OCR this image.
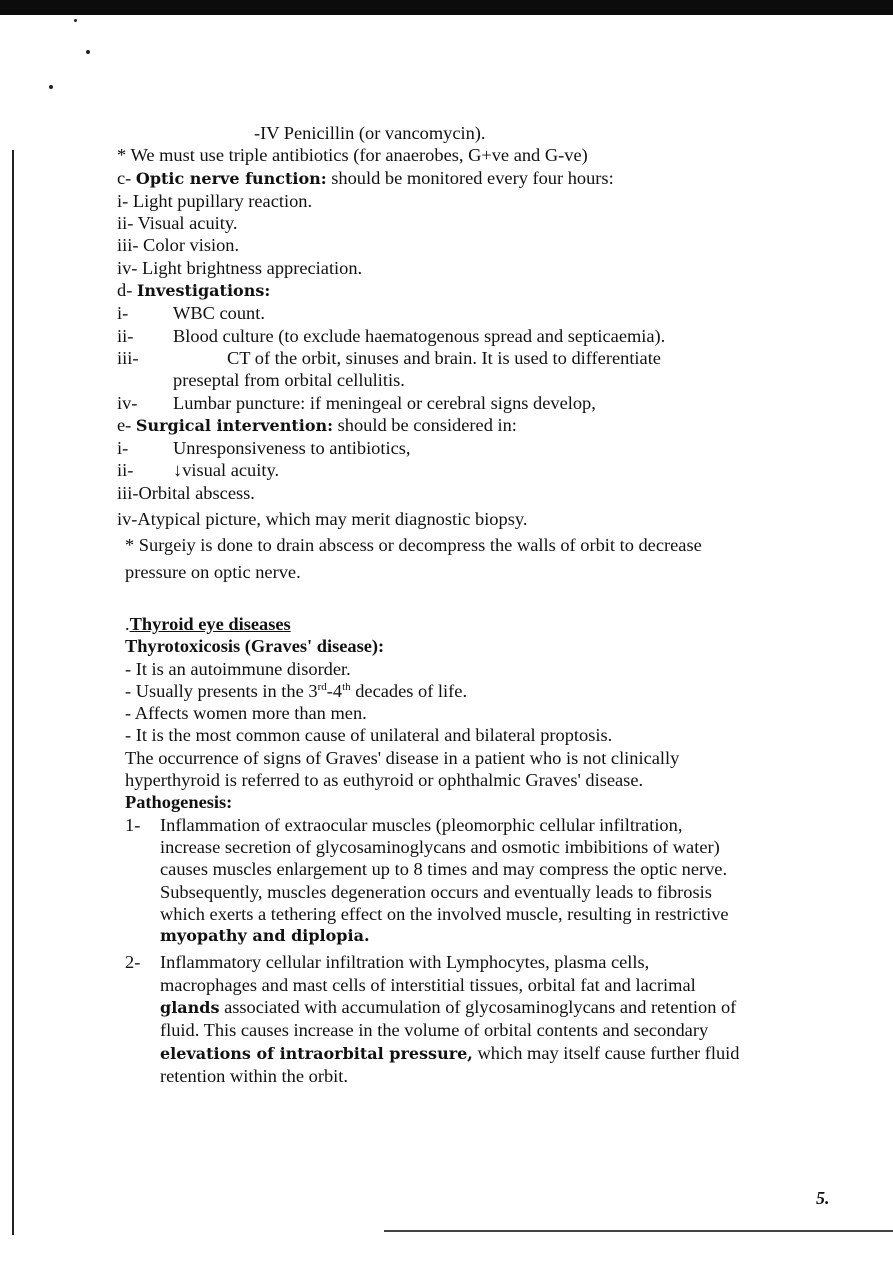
-IV Penicillin (or vancomycin).
* We must use triple antibiotics (for anaerobes, G+ve and G-ve)
c- Optic nerve function: should be monitored every four hours:
i- Light pupillary reaction.
ii- Visual acuity.
iii- Color vision.
iv- Light brightness appreciation.
d- Investigations:
i-	WBC count.
ii-	Blood culture (to exclude haematogenous spread and septicaemia).
iii-	CT of the orbit, sinuses and brain. It is used to differentiate
preseptal from orbital cellulitis.
iv-	Lumbar puncture: if meningeal or cerebral signs develop,
e- Surgical intervention: should be considered in:
i-	Unresponsiveness to antibiotics,
ii-	↓visual acuity.
iii-Orbital abscess.
iv-Atypical picture, which may merit diagnostic biopsy.
* Surgeiy is done to drain abscess or decompress the walls of orbit to decrease
pressure on optic nerve.
.Thyroid eye diseases
Thyrotoxicosis (Graves' disease):
- It is an autoimmune disorder.
- Usually presents in the 3rd-4th decades of life.
- Affects women more than men.
- It is the most common cause of unilateral and bilateral proptosis.
The occurrence of signs of Graves' disease in a patient who is not clinically
hyperthyroid is referred to as euthyroid or ophthalmic Graves' disease.
Pathogenesis:
1-	Inflammation of extraocular muscles (pleomorphic cellular infiltration,
increase secretion of glycosaminoglycans and osmotic imbibitions of water)
causes muscles enlargement up to 8 times and may compress the optic nerve.
Subsequently, muscles degeneration occurs and eventually leads to fibrosis
which exerts a tethering effect on the involved muscle, resulting in restrictive
myopathy and diplopia.
2-	Inflammatory cellular infiltration with Lymphocytes, plasma cells,
macrophages and mast cells of interstitial tissues, orbital fat and lacrimal
glands associated with accumulation of glycosaminoglycans and retention of
fluid. This causes increase in the volume of orbital contents and secondary
elevations of intraorbital pressure, which may itself cause further fluid
retention within the orbit.
5.
